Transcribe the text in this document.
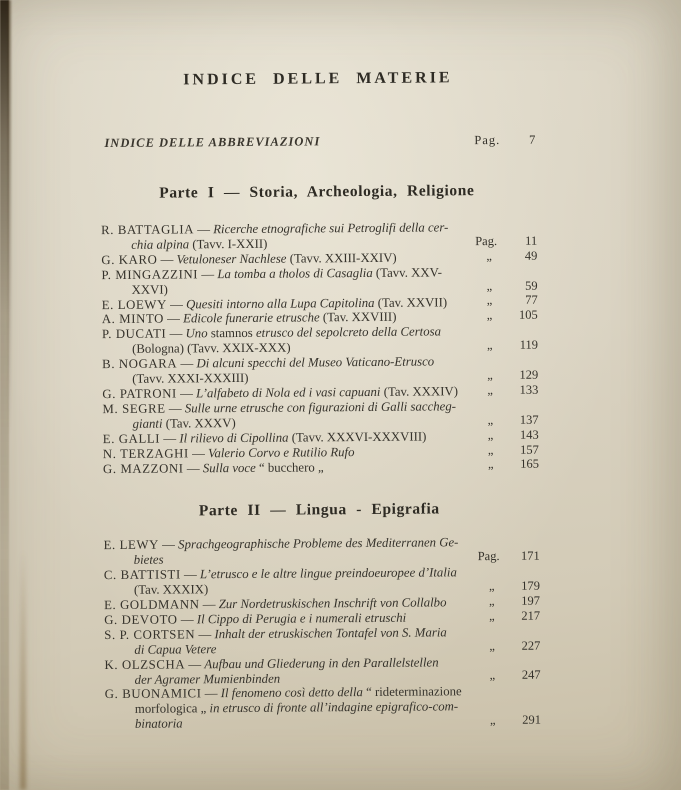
INDICE DELLE MATERIE
INDICE DELLE ABBREVIAZIONI	Pag. 7
Parte I — Storia, Archeologia, Religione
R. BATTAGLIA — Ricerche etnografiche sui Petroglifi della cer-
chia alpina (Tavv. I-XXII)	Pag. 11
G. KARO — Vetuloneser Nachlese (Tavv. XXIII-XXIV)	„	49
P. MINGAZZINI — La tomba a tholos di Casaglia (Tavv. XXV-
XXVI)	„	59
E. LOEWY — Quesiti intorno alla Lupa Capitolina (Tav. XXVII)	„	77
A. MINTO — Edicole funerarie etrusche (Tav. XXVIII)	„ 105
P. DUCATI — Uno stamnos etrusco del sepolcreto della Certosa
(Bologna) (Tavv. XXIX-XXX)	„ 119
B. NOGARA — Di alcuni specchi del Museo Vaticano-Etrusco
(Tavv. XXXI-XXXIII)	„ 129
G. PATRONI — L’alfabeto di Nola ed i vasi capuani (Tav. XXXIV)	„ 133
M. SEGRE — Sulle urne etrusche con figurazioni di Galli saccheg-
gianti (Tav. XXXV)	„ 137
E. GALLI — Il rilievo di Cipollina (Tavv. XXXVI-XXXVIII)	„ 143
N. TERZAGHI — Valerio Corvo e Rutilio Rufo	„ 157
G. MAZZONI — Sulla voce “ bucchero „	„ 165
Parte II — Lingua - Epigrafia
E. LEWY — Sprachgeographische Probleme des Mediterranen Ge-
bietes	Pag. 171
C. BATTISTI — L’etrusco e le altre lingue preindoeuropee d’Italia
(Tav. XXXIX)	„ 179
E. GOLDMANN — Zur Nordetruskischen Inschrift von Collalbo	„ 197
G. DEVOTO — Il Cippo di Perugia e i numerali etruschi	„ 217
S. P. CORTSEN — Inhalt der etruskischen Tontafel von S. Maria
di Capua Vetere	„ 227
K. OLZSCHA — Aufbau und Gliederung in den Parallelstellen
der Agramer Mumienbinden	„ 247
G. BUONAMICI — Il fenomeno così detto della “ rideterminazione
morfologica „ in etrusco di fronte all’indagine epigrafico-com-
binatoria	„ 291
